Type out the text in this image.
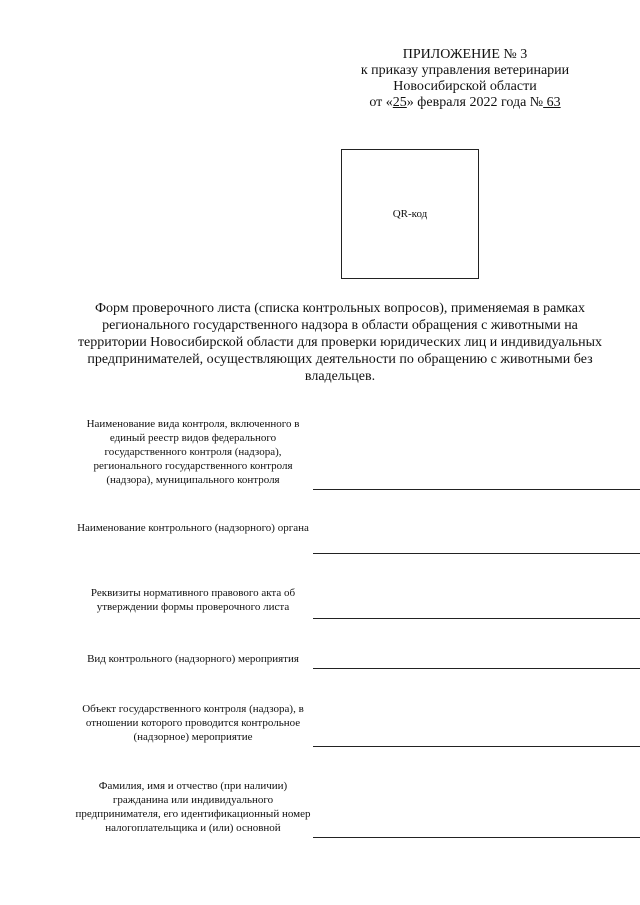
ПРИЛОЖЕНИЕ № 3
к приказу управления ветеринарии
Новосибирской области
от «25» февраля 2022 года № 63
QR-код
Форм проверочного листа (списка контрольных вопросов), применяемая в рамках регионального государственного надзора в области обращения с животными на территории Новосибирской области для проверки юридических лиц и индивидуальных предпринимателей, осуществляющих деятельности по обращению с животными без владельцев.
Наименование вида контроля, включенного в единый реестр видов федерального государственного контроля (надзора), регионального государственного контроля (надзора), муниципального контроля
Наименование контрольного (надзорного) органа
Реквизиты нормативного правового акта об утверждении формы проверочного листа
Вид контрольного (надзорного) мероприятия
Объект государственного контроля (надзора), в отношении которого проводится контрольное (надзорное) мероприятие
Фамилия, имя и отчество (при наличии) гражданина или индивидуального предпринимателя, его идентификационный номер налогоплательщика и (или) основной
